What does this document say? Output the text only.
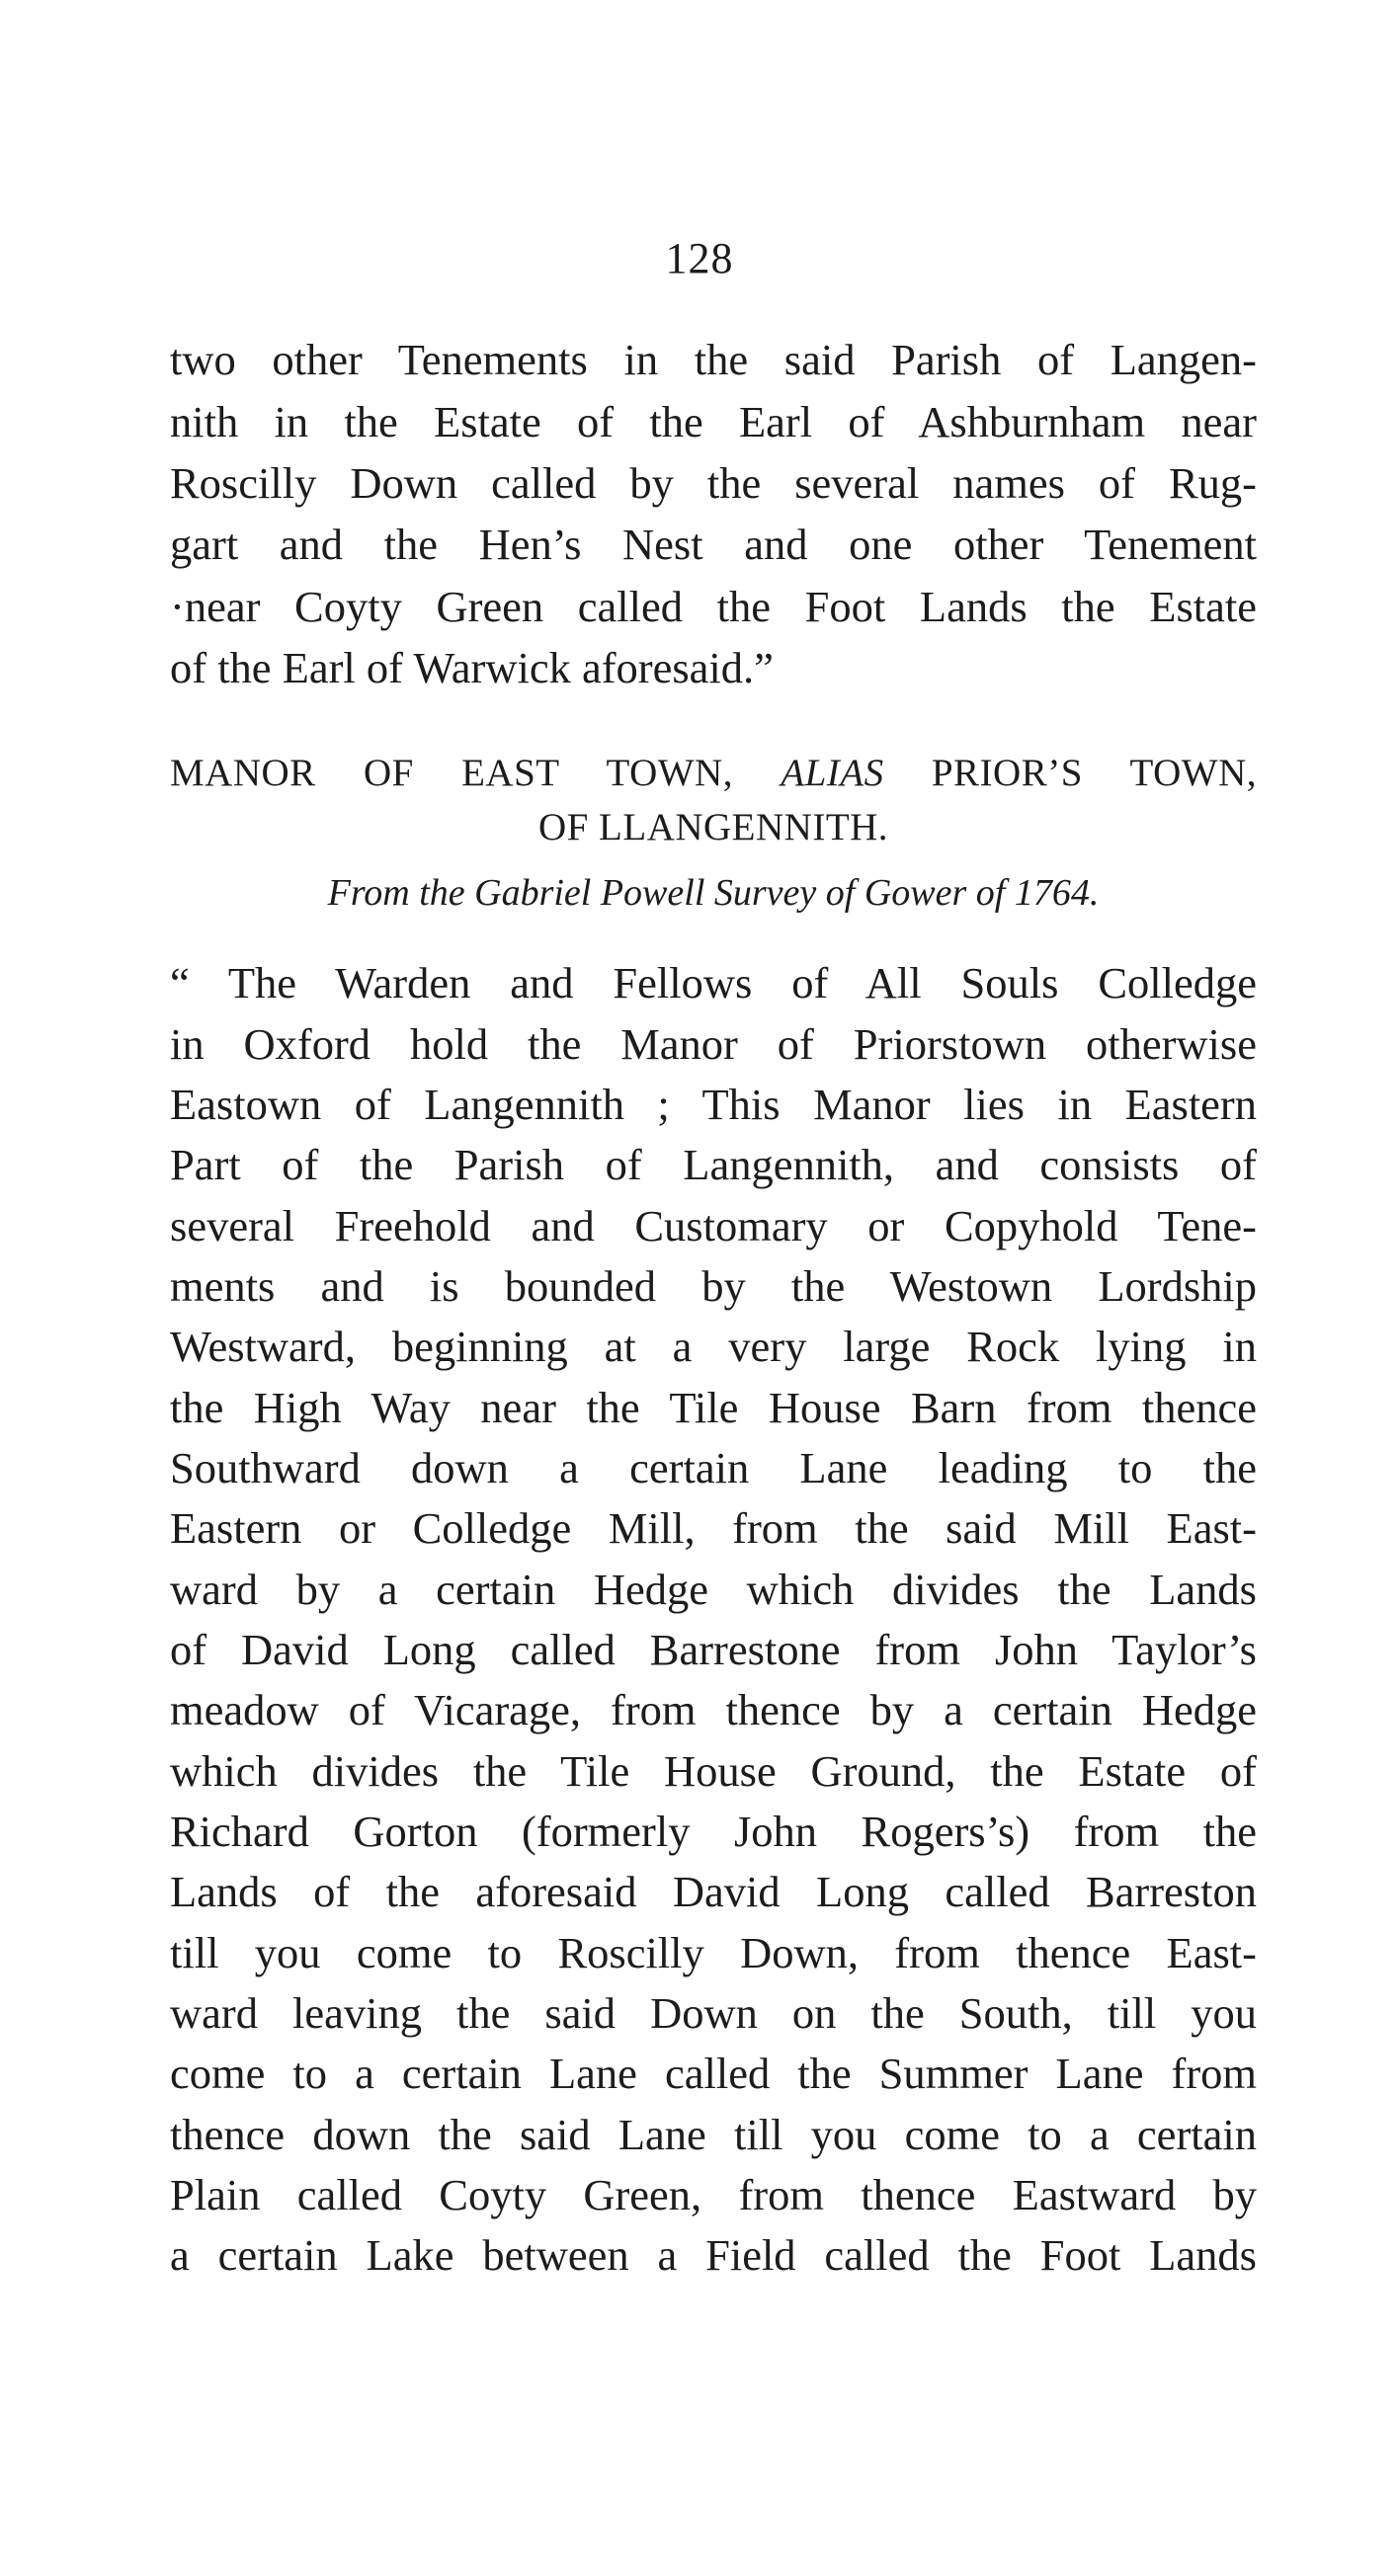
128
two other Tenements in the said Parish of Langen-
nith in the Estate of the Earl of Ashburnham near
Roscilly Down called by the several names of Rug-
gart and the Hen’s Nest and one other Tenement
·near Coyty Green called the Foot Lands the Estate
of the Earl of Warwick aforesaid.”
MANOR OF EAST TOWN, ALIAS PRIOR’S TOWN,
OF LLANGENNITH.
From the Gabriel Powell Survey of Gower of 1764.
“ The Warden and Fellows of All Souls Colledge
in Oxford hold the Manor of Priorstown otherwise
Eastown of Langennith ; This Manor lies in Eastern
Part of the Parish of Langennith, and consists of
several Freehold and Customary or Copyhold Tene-
ments and is bounded by the Westown Lordship
Westward, beginning at a very large Rock lying in
the High Way near the Tile House Barn from thence
Southward down a certain Lane leading to the
Eastern or Colledge Mill, from the said Mill East-
ward by a certain Hedge which divides the Lands
of David Long called Barrestone from John Taylor’s
meadow of Vicarage, from thence by a certain Hedge
which divides the Tile House Ground, the Estate of
Richard Gorton (formerly John Rogers’s) from the
Lands of the aforesaid David Long called Barreston
till you come to Roscilly Down, from thence East-
ward leaving the said Down on the South, till you
come to a certain Lane called the Summer Lane from
thence down the said Lane till you come to a certain
Plain called Coyty Green, from thence Eastward by
a certain Lake between a Field called the Foot Lands
